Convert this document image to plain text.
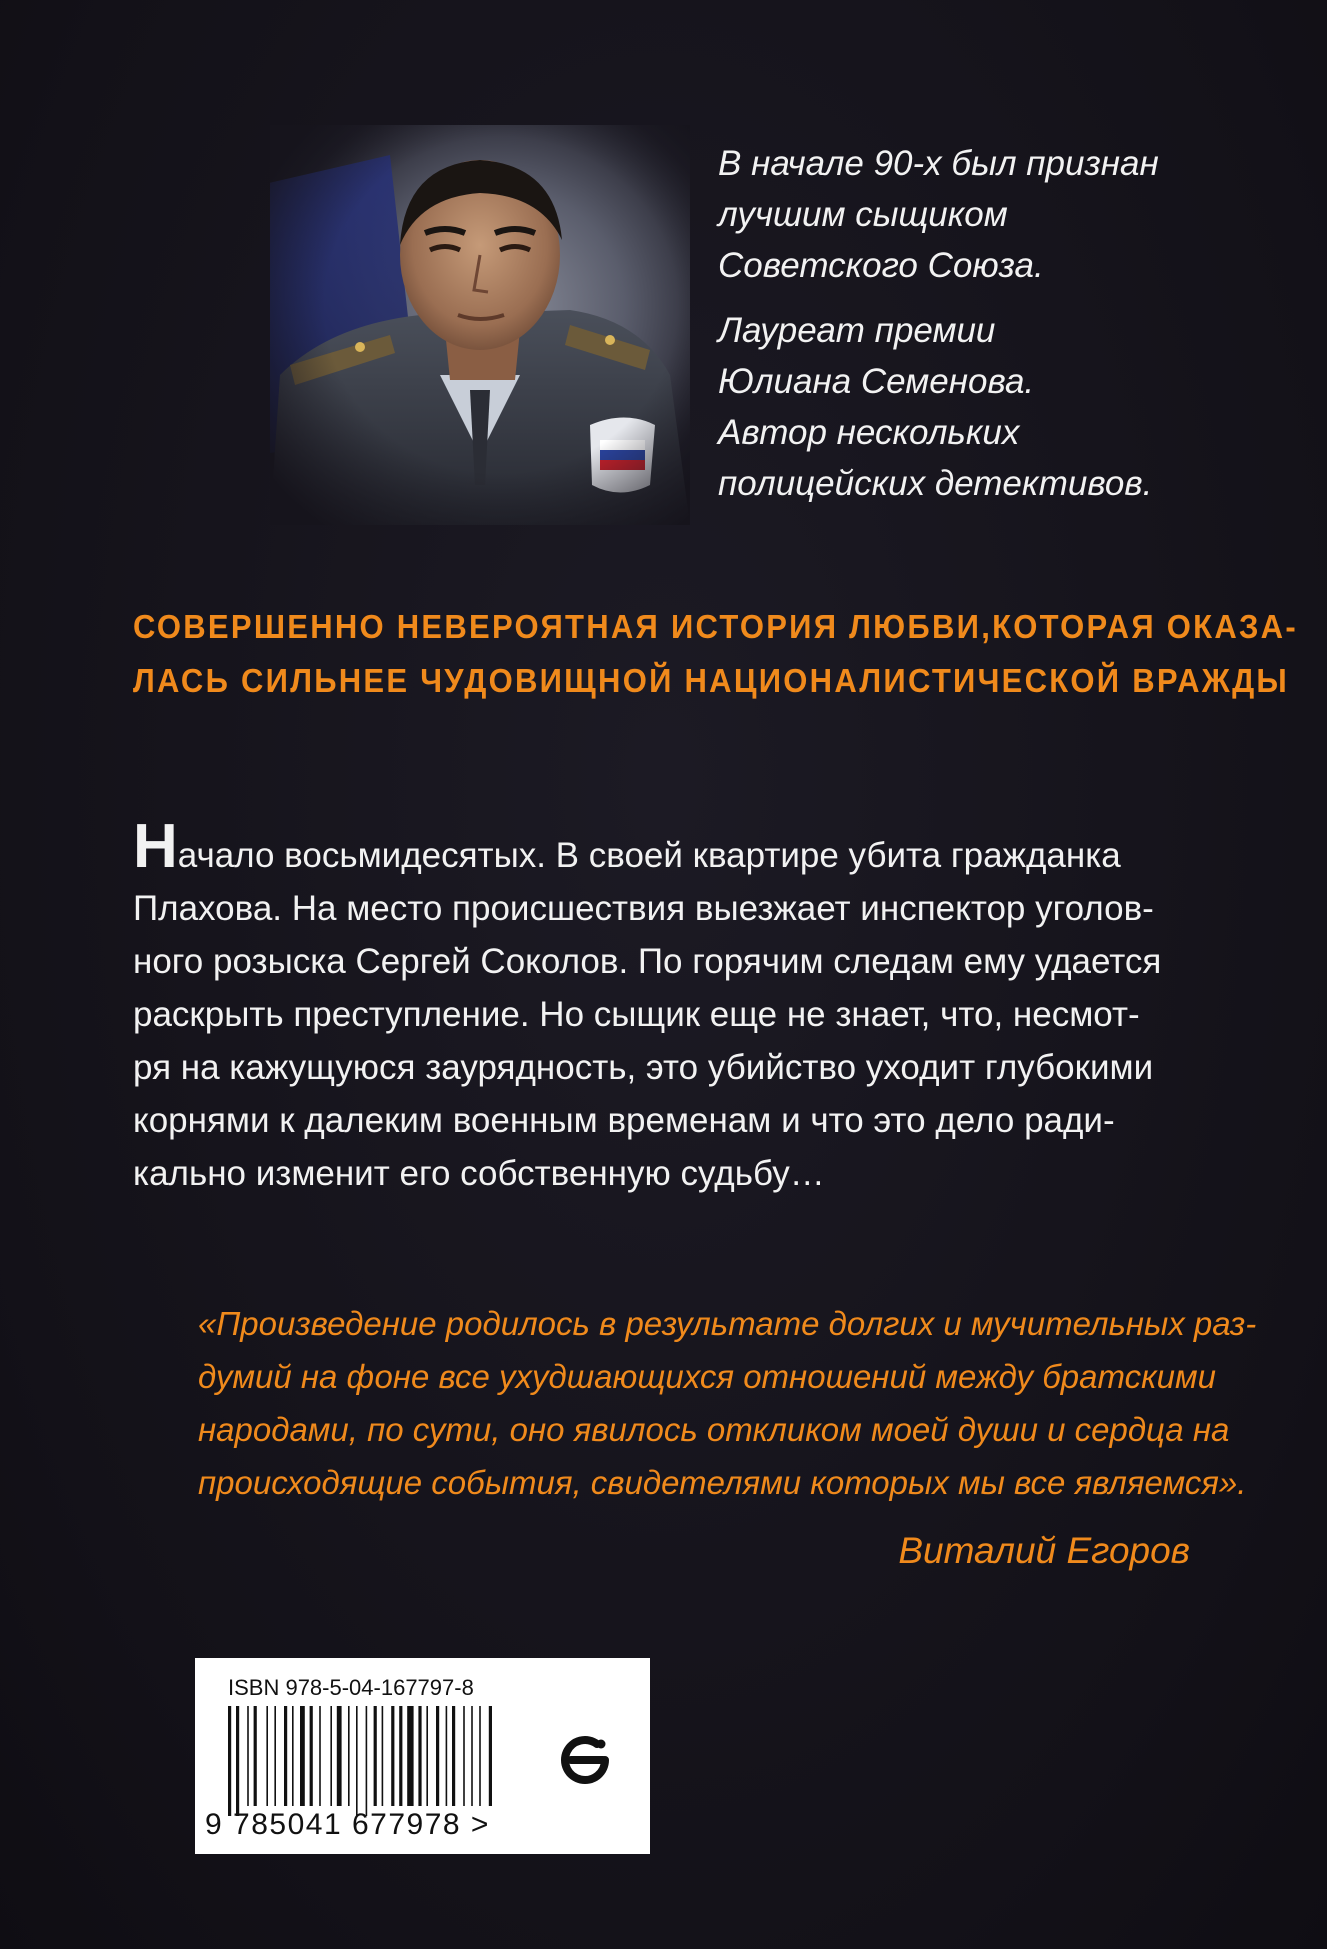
В начале 90-х был признан
лучшим сыщиком
Советского Союза.

Лауреат премии
Юлиана Семенова.
Автор нескольких
полицейских детективов.

СОВЕРШЕННО НЕВЕРОЯТНАЯ ИСТОРИЯ ЛЮБВИ,КОТОРАЯ ОКАЗА-
ЛАСЬ СИЛЬНЕЕ ЧУДОВИЩНОЙ НАЦИОНАЛИСТИЧЕСКОЙ ВРАЖДЫ
Начало восьмидесятых. В своей квартире убита гражданка
Плахова. На место происшествия выезжает инспектор уголов-
ного розыска Сергей Соколов. По горячим следам ему удается
раскрыть преступление. Но сыщик еще не знает, что, несмот-
ря на кажущуюся заурядность, это убийство уходит глубокими
корнями к далеким военным временам и что это дело ради-
кально изменит его собственную судьбу…
«Произведение родилось в результате долгих и мучительных раз-
думий на фоне все ухудшающихся отношений между братскими
народами, по сути, оно явилось откликом моей души и сердца на
происходящие события, свидетелями которых мы все являемся».
Виталий Егоров
ISBN 978-5-04-167797-8
9 785041 677978 >
